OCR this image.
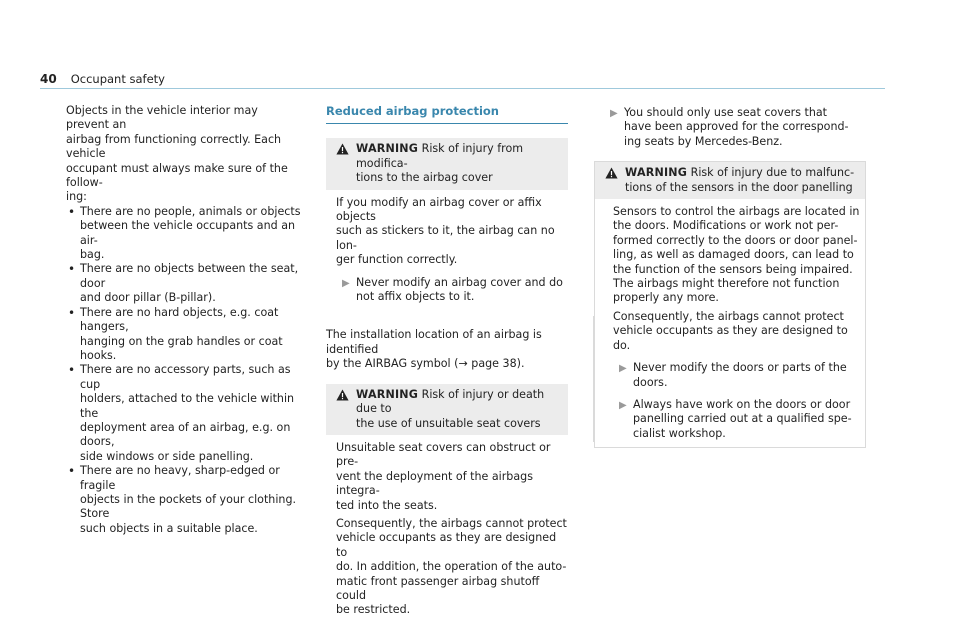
40 Occupant safety
Objects in the vehicle interior may prevent an
airbag from functioning correctly. Each vehicle
occupant must always make sure of the follow-
ing:
• There are no people, animals or objects
between the vehicle occupants and an air-
bag.
• There are no objects between the seat, door
and door pillar (B-pillar).
• There are no hard objects, e.g. coat hangers,
hanging on the grab handles or coat hooks.
• There are no accessory parts, such as cup
holders, attached to the vehicle within the
deployment area of an airbag, e.g. on doors,
side windows or side panelling.
• There are no heavy, sharp-edged or fragile
objects in the pockets of your clothing. Store
such objects in a suitable place.
Reduced airbag protection
WARNING Risk of injury from modifica-
tions to the airbag cover
If you modify an airbag cover or affix objects
such as stickers to it, the airbag can no lon-
ger function correctly.
▶ Never modify an airbag cover and do
not affix objects to it.
The installation location of an airbag is identified
by the AIRBAG symbol (→ page 38).
WARNING Risk of injury or death due to
the use of unsuitable seat covers

Unsuitable seat covers can obstruct or pre-
vent the deployment of the airbags integra-
ted into the seats.

Consequently, the airbags cannot protect
vehicle occupants as they are designed to
do. In addition, the operation of the auto-
matic front passenger airbag shutoff could
be restricted.

▶ You should only use seat covers that
have been approved for the correspond-
ing seats by Mercedes-Benz.
WARNING Risk of injury due to malfunc-
tions of the sensors in the door panelling

Sensors to control the airbags are located in
the doors. Modifications or work not per-
formed correctly to the doors or door panel-
ling, as well as damaged doors, can lead to
the function of the sensors being impaired.
The airbags might therefore not function
properly any more.

Consequently, the airbags cannot protect
vehicle occupants as they are designed to
do.

▶ Never modify the doors or parts of the
doors.
▶ Always have work on the doors or door
panelling carried out at a qualified spe-
cialist workshop.
